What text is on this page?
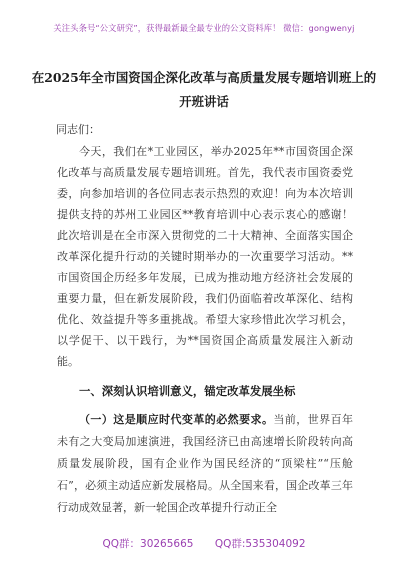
关注头条号“公文研究”，获得最新最全最专业的公文资料库！ 微信：gongwenyj
在2025年全市国资国企深化改革与高质量发展专题培训班上的开班讲话
同志们：
今天，我们在*工业园区，举办2025年**市国资国企深化改革与高质量发展专题培训班。首先，我代表市国资委党委，向参加培训的各位同志表示热烈的欢迎！向为本次培训提供支持的苏州工业园区**教育培训中心表示衷心的感谢！此次培训是在全市深入贯彻党的二十大精神、全面落实国企改革深化提升行动的关键时期举办的一次重要学习活动。**市国资国企历经多年发展，已成为推动地方经济社会发展的重要力量，但在新发展阶段，我们仍面临着改革深化、结构优化、效益提升等多重挑战。希望大家珍惜此次学习机会，以学促干、以干践行，为**国资国企高质量发展注入新动能。
一、深刻认识培训意义，锚定改革发展坐标
（一）这是顺应时代变革的必然要求。当前，世界百年未有之大变局加速演进，我国经济已由高速增长阶段转向高质量发展阶段，国有企业作为国民经济的“顶梁柱”“压舱石”，必须主动适应新发展格局。从全国来看，国企改革三年行动成效显著，新一轮国企改革提升行动正全
QQ群：30265665 QQ群:535304092
